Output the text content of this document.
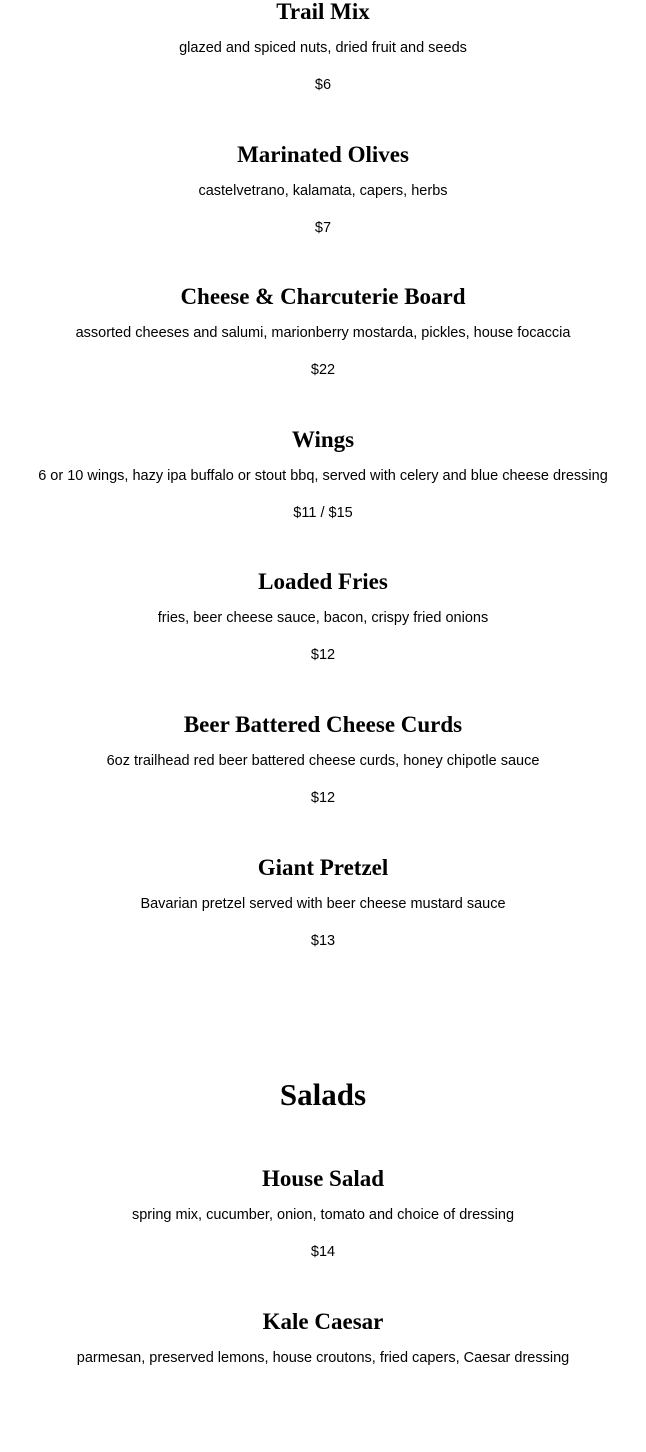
Trail Mix

glazed and spiced nuts, dried fruit and seeds

$6

Marinated Olives

castelvetrano, kalamata, capers, herbs

$7

Cheese & Charcuterie Board

assorted cheeses and salumi, marionberry mostarda, pickles, house focaccia

$22

Wings

6 or 10 wings, hazy ipa buffalo or stout bbq, served with celery and blue cheese dressing

$11 / $15

Loaded Fries

fries, beer cheese sauce, bacon, crispy fried onions

$12

Beer Battered Cheese Curds

6oz trailhead red beer battered cheese curds, honey chipotle sauce

$12

Giant Pretzel

Bavarian pretzel served with beer cheese mustard sauce

$13

Salads
House Salad

spring mix, cucumber, onion, tomato and choice of dressing

$14

Kale Caesar

parmesan, preserved lemons, house croutons, fried capers, Caesar dressing
